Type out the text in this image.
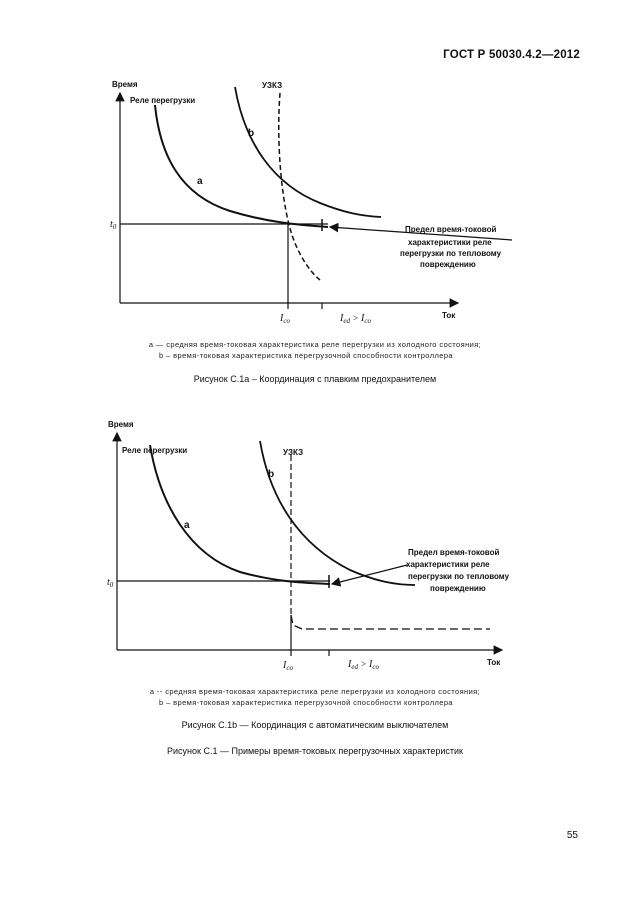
ГОСТ Р 50030.4.2—2012
Время
Ток
Реле перегрузки
УЗКЗ
a
b
$t_0$
$I_{co}$	$I_{ed} > I_{co}$
Предел время-токовой
характеристики реле
перегрузки по тепловому
повреждению
a — средняя время-токовая характеристика реле перегрузки из холодного состояния;
b – время-токовая характеристика перегрузочной способности контроллера
Рисунок С.1а – Координация с плавким предохранителем
Время
Ток
Реле перегрузки	УЗКЗ
a
b
$t_0$
$I_{co}$	$I_{ed} > I_{co}$
Предел время-токовой
характеристики реле
перегрузки по тепловому
повреждению
a -- средняя время-токовая характеристика реле перегрузки из холодного состояния;
b – время-токовая характеристика перегрузочной способности контроллера
Рисунок С.1b — Координация с автоматическим выключателем
Рисунок С.1 — Примеры время-токовых перегрузочных характеристик
55
